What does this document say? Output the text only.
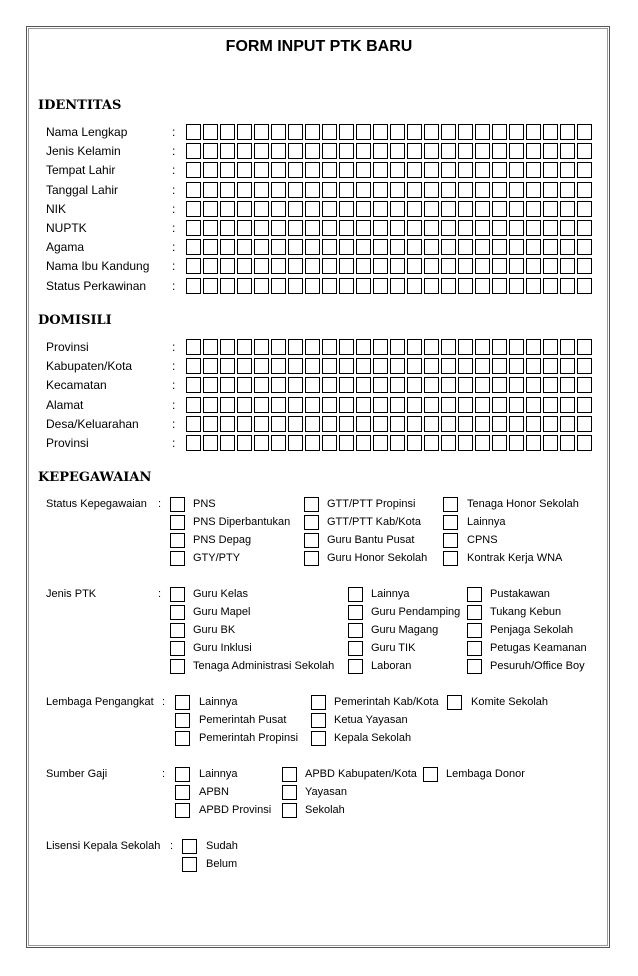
FORM INPUT PTK BARU
IDENTITAS
Nama Lengkap	:
Jenis Kelamin	:
Tempat Lahir	:
Tanggal Lahir	:
NIK	:
NUPTK	:
Agama	:
Nama Ibu Kandung :
Status Perkawinan :
DOMISILI
Provinsi	:
Kabupaten/Kota	:
Kecamatan	:
Alamat	:
Desa/Keluarahan	:
Provinsi	:
KEPEGAWAIAN
Status Kepegawaian :	PNS
PNS Diperbantukan
PNS Depag
GTY/PTY
GTT/PTT Propinsi
GTT/PTT Kab/Kota
Guru Bantu Pusat
Guru Honor Sekolah
Tenaga Honor Sekolah
Lainnya
CPNS
Kontrak Kerja WNA
Jenis PTK	:	Guru Kelas
Guru Mapel
Guru BK
Guru Inklusi
Tenaga Administrasi Sekolah
Lainnya
Guru Pendamping
Guru Magang
Guru TIK
Laboran
Pustakawan
Tukang Kebun
Penjaga Sekolah
Petugas Keamanan
Pesuruh/Office Boy
Lembaga Pengangkat :	Lainnya
Pemerintah Pusat
Pemerintah Propinsi
Pemerintah Kab/Kota
Ketua Yayasan
Kepala Sekolah
Komite Sekolah
Sumber Gaji	:	Lainnya
APBN
APBD Provinsi
APBD Kabupaten/Kota
Yayasan
Sekolah
Lembaga Donor
Lisensi Kepala Sekolah :	Sudah
Belum
